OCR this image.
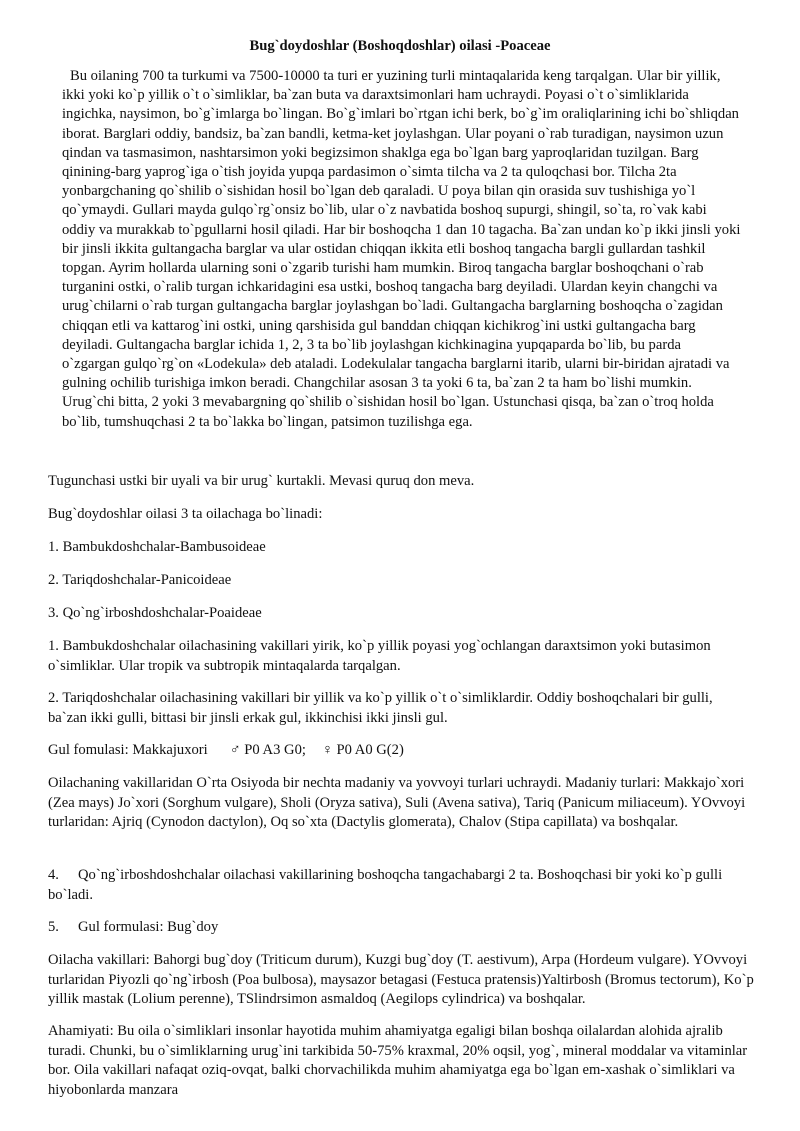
Bug`doydoshlar (Boshoqdoshlar) oilasi -Poaceae

Bu oilaning 700 ta turkumi va 7500-10000 ta turi er yuzining turli mintaqalarida keng tarqalgan. Ular bir yillik, ikki yoki ko`p yillik o`t o`simliklar, ba`zan buta va daraxtsimonlari ham uchraydi. Poyasi o`t o`simliklarida ingichka, naysimon, bo`g`imlarga bo`lingan. Bo`g`imlari bo`rtgan ichi berk, bo`g`im oraliqlarining ichi bo`shliqdan iborat. Barglari oddiy, bandsiz, ba`zan bandli, ketma-ket joylashgan. Ular poyani o`rab turadigan, naysimon uzun qindan va tasmasimon, nashtarsimon yoki begizsimon shaklga ega bo`lgan barg yaproqlaridan tuzilgan. Barg qinining-barg yaprog`iga o`tish joyida yupqa pardasimon o`simta tilcha va 2 ta quloqchasi bor. Tilcha 2ta yonbargchaning qo`shilib o`sishidan hosil bo`lgan deb qaraladi. U poya bilan qin orasida suv tushishiga yo`l qo`ymaydi. Gullari mayda gulqo`rg`onsiz bo`lib, ular o`z navbatida boshoq supurgi, shingil, so`ta, ro`vak kabi oddiy va murakkab to`pgullarni hosil qiladi. Har bir boshoqcha 1 dan 10 tagacha. Ba`zan undan ko`p ikki jinsli yoki bir jinsli ikkita gultangacha barglar va ular ostidan chiqqan ikkita etli boshoq tangacha bargli gullardan tashkil topgan. Ayrim hollarda ularning soni o`zgarib turishi ham mumkin. Biroq tangacha barglar boshoqchani o`rab turganini ostki, o`ralib turgan ichkaridagini esa ustki, boshoq tangacha barg deyiladi. Ulardan keyin changchi va urug`chilarni o`rab turgan gultangacha barglar joylashgan bo`ladi. Gultangacha barglarning boshoqcha o`zagidan chiqqan etli va kattarog`ini ostki, uning qarshisida gul banddan chiqqan kichikrog`ini ustki gultangacha barg deyiladi. Gultangacha barglar ichida 1, 2, 3 ta bo`lib joylashgan kichkinagina yupqaparda bo`lib, bu parda o`zgargan gulqo`rg`on «Lodekula» deb ataladi. Lodekulalar tangacha barglarni itarib, ularni bir-biridan ajratadi va gulning ochilib turishiga imkon beradi. Changchilar asosan 3 ta yoki 6 ta, ba`zan 2 ta ham bo`lishi mumkin. Urug`chi bitta, 2 yoki 3 mevabargning qo`shilib o`sishidan hosil bo`lgan. Ustunchasi qisqa, ba`zan o`troq holda bo`lib, tumshuqchasi 2 ta bo`lakka bo`lingan, patsimon tuzilishga ega.

Tugunchasi ustki bir uyali va bir urug` kurtakli. Mevasi quruq don meva.

Bug`doydoshlar oilasi 3 ta oilachaga bo`linadi:

1. Bambukdoshchalar-Bambusoideae

2. Tariqdoshchalar-Panicoideae

3. Qo`ng`irboshdoshchalar-Poaideae

1. Bambukdoshchalar oilachasining vakillari yirik, ko`p yillik poyasi yog`ochlangan daraxtsimon yoki butasimon o`simliklar. Ular tropik va subtropik mintaqalarda tarqalgan.

2. Tariqdoshchalar oilachasining vakillari bir yillik va ko`p yillik o`t o`simliklardir. Oddiy boshoqchalari bir gulli, ba`zan ikki gulli, bittasi bir jinsli erkak gul, ikkinchisi ikki jinsli gul.

Gul fomulasi: Makkajuxori ♂ P0 A3 G0; ♀ P0 A0 G(2)

Oilachaning vakillaridan O`rta Osiyoda bir nechta madaniy va yovvoyi turlari uchraydi. Madaniy turlari: Makkajo`xori (Zea mays) Jo`xori (Sorghum vulgare), Sholi (Oryza sativa), Suli (Avena sativa), Tariq (Panicum miliaceum). YOvvoyi turlaridan: Ajriq (Cynodon dactylon), Oq so`xta (Dactylis glomerata), Chalov (Stipa capillata) va boshqalar.

4. Qo`ng`irboshdoshchalar oilachasi vakillarining boshoqcha tangachabargi 2 ta. Boshoqchasi bir yoki ko`p gulli bo`ladi.

5. Gul formulasi: Bug`doy

Oilacha vakillari: Bahorgi bug`doy (Triticum durum), Kuzgi bug`doy (T. aestivum), Arpa (Hordeum vulgare). YOvvoyi turlaridan Piyozli qo`ng`irbosh (Poa bulbosa), maysazor betagasi (Festuca pratensis)Yaltirbosh (Bromus tectorum), Ko`p yillik mastak (Lolium perenne), TSlindrsimon asmaldoq (Aegilops cylindrica) va boshqalar.

Ahamiyati: Bu oila o`simliklari insonlar hayotida muhim ahamiyatga egaligi bilan boshqa oilalardan alohida ajralib turadi. Chunki, bu o`simliklarning urug`ini tarkibida 50-75% kraxmal, 20% oqsil, yog`, mineral moddalar va vitaminlar bor. Oila vakillari nafaqat oziq-ovqat, balki chorvachilikda muhim ahamiyatga ega bo`lgan em-xashak o`simliklari va hiyobonlarda manzara
